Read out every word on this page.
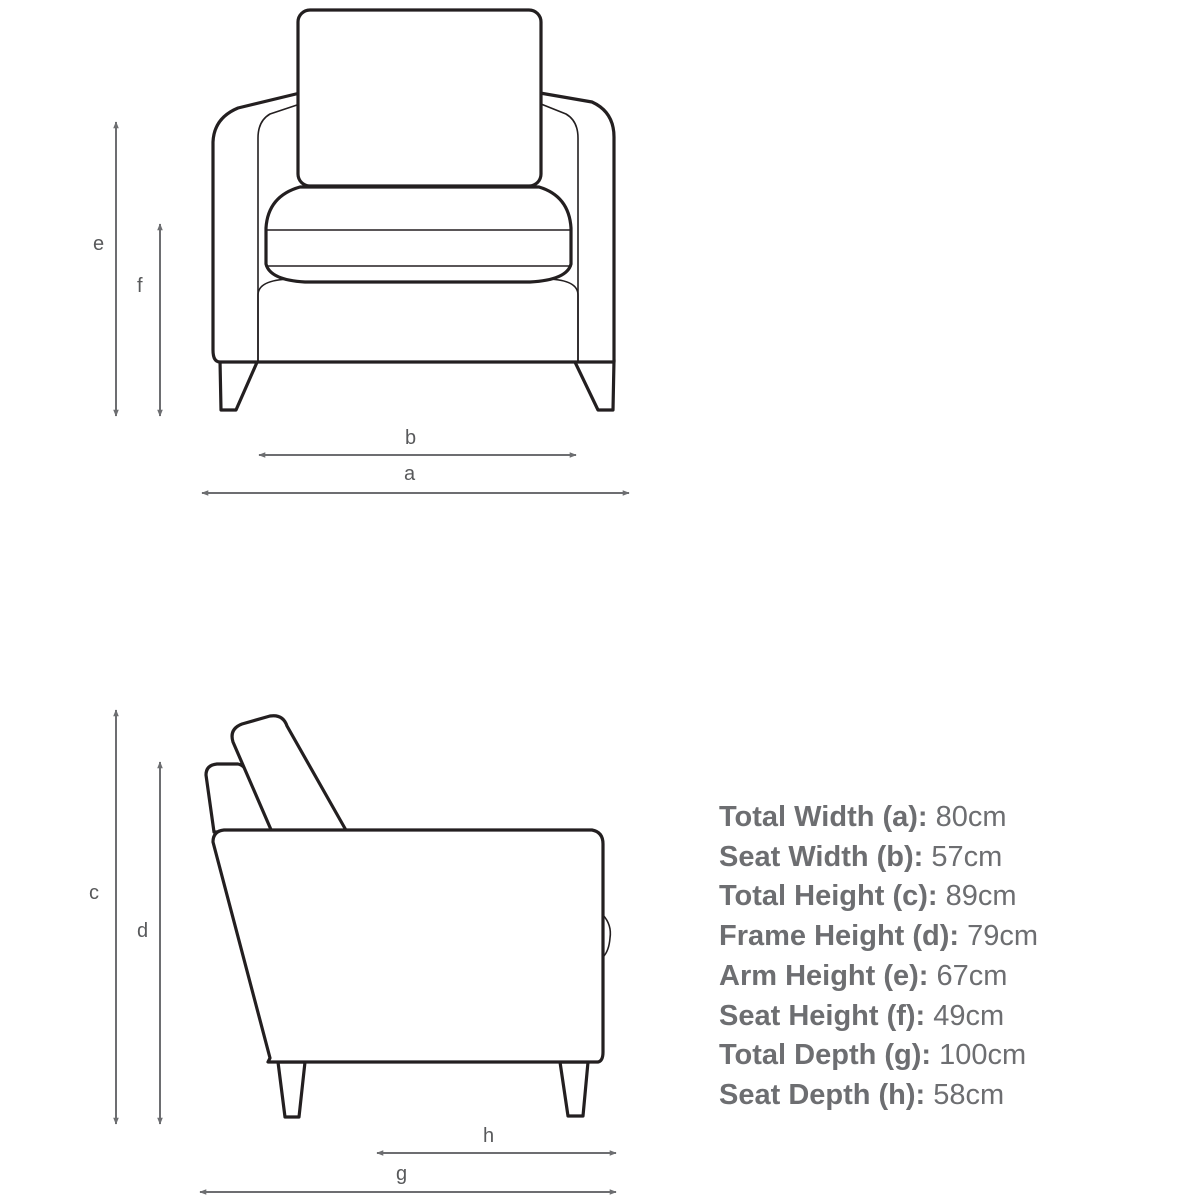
e
f
b
a
c
d
h
g
Total Width (a): 80cm
Seat Width (b): 57cm
Total Height (c): 89cm
Frame Height (d): 79cm
Arm Height (e): 67cm
Seat Height (f): 49cm
Total Depth (g): 100cm
Seat Depth (h): 58cm
